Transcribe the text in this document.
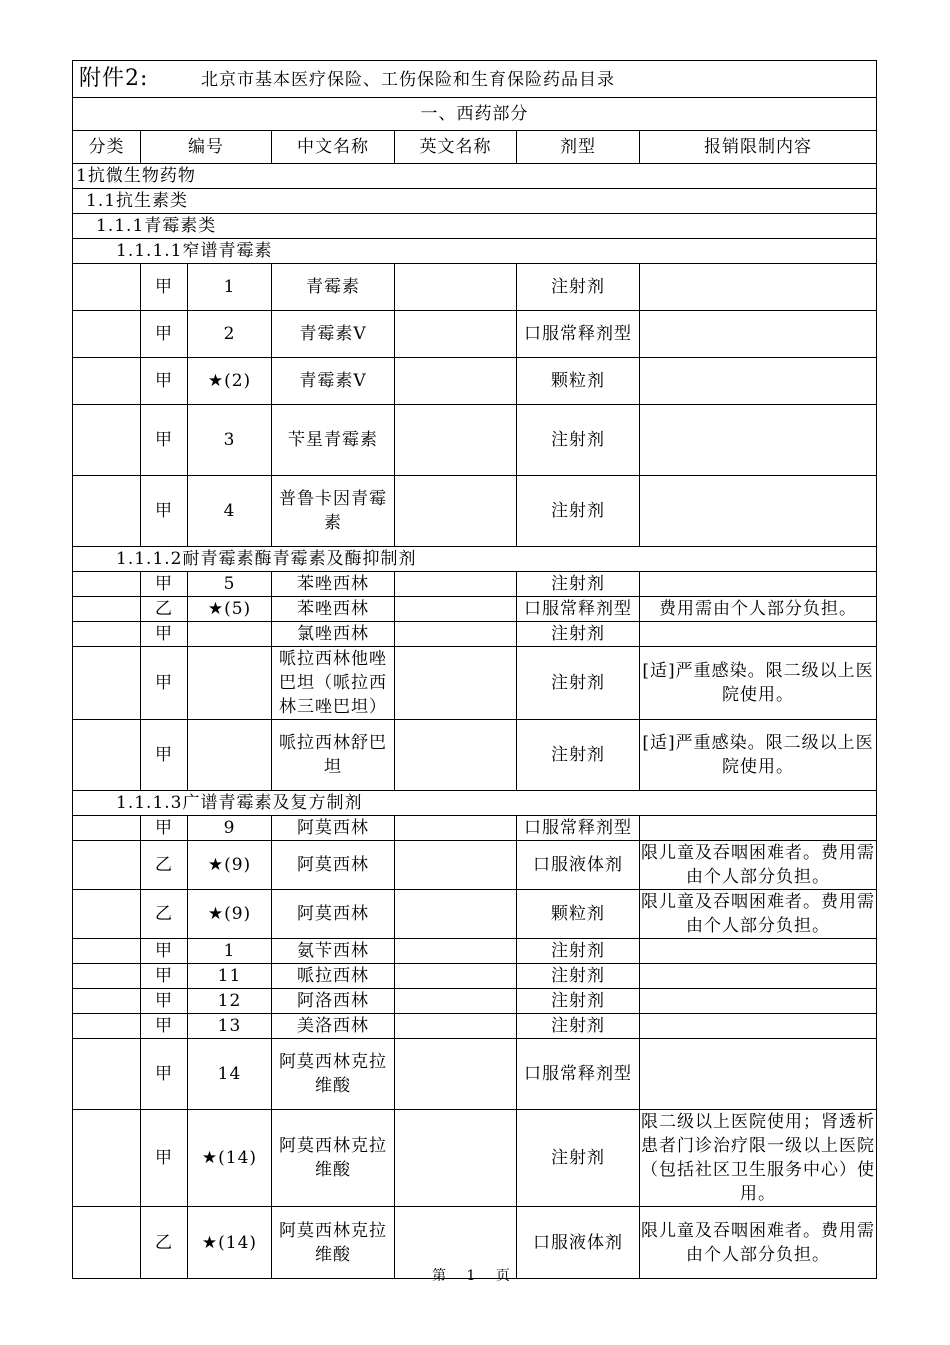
附件2: 北京市基本医疗保险、工伤保险和生育保险药品目录						
一、西药部分						
分类	编号		中文名称	英文名称	剂型	报销限制内容
1抗微生物药物						
1.1抗生素类						
1.1.1青霉素类						
1.1.1.1窄谱青霉素						
	甲	1	青霉素		注射剂	
	甲	2	青霉素V		口服常释剂型	
	甲	★(2)	青霉素V		颗粒剂	
	甲	3	苄星青霉素		注射剂	
	甲	4	普鲁卡因青霉素		注射剂	
1.1.1.2耐青霉素酶青霉素及酶抑制剂						
	甲	5	苯唑西林		注射剂	
	乙	★(5)	苯唑西林		口服常释剂型	费用需由个人部分负担。
	甲		氯唑西林		注射剂	
	甲		哌拉西林他唑巴坦（哌拉西林三唑巴坦）		注射剂	[适]严重感染。限二级以上医院使用。
	甲		哌拉西林舒巴坦		注射剂	[适]严重感染。限二级以上医院使用。
1.1.1.3广谱青霉素及复方制剂						
	甲	9	阿莫西林		口服常释剂型	
	乙	★(9)	阿莫西林		口服液体剂	限儿童及吞咽困难者。费用需由个人部分负担。
	乙	★(9)	阿莫西林		颗粒剂	限儿童及吞咽困难者。费用需由个人部分负担。
	甲	1	氨苄西林		注射剂	
	甲	11	哌拉西林		注射剂	
	甲	12	阿洛西林		注射剂	
	甲	13	美洛西林		注射剂	
	甲	14	阿莫西林克拉维酸		口服常释剂型	
	甲	★(14)	阿莫西林克拉维酸		注射剂	限二级以上医院使用；肾透析患者门诊治疗限一级以上医院（包括社区卫生服务中心）使用。
	乙	★(14)	阿莫西林克拉维酸		口服液体剂	限儿童及吞咽困难者。费用需由个人部分负担。
第 1 页
